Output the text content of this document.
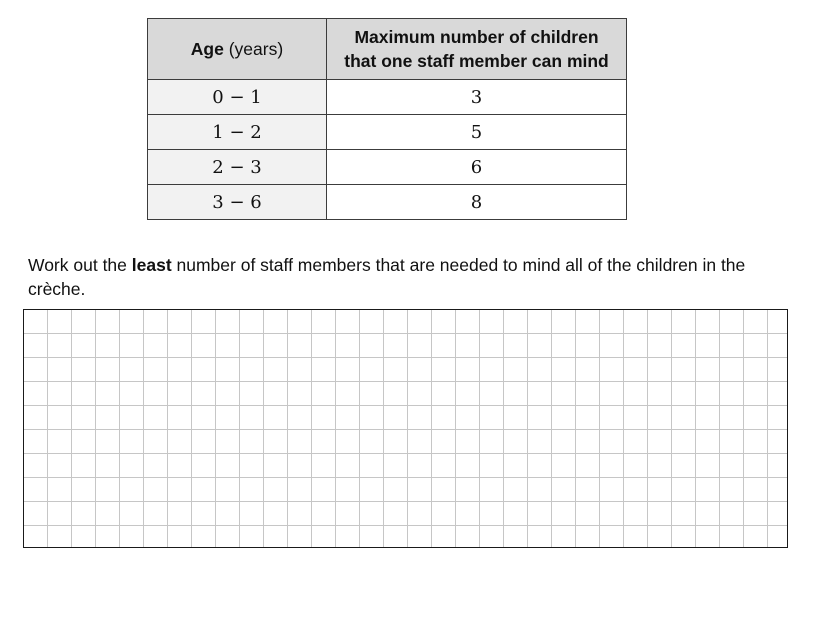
Age (years)	Maximum number of children
that one staff member can mind
0 − 1	3
1 − 2	5
2 − 3	6
3 − 6	8

Work out the least number of staff members that are needed to mind all of the children in the crèche.
